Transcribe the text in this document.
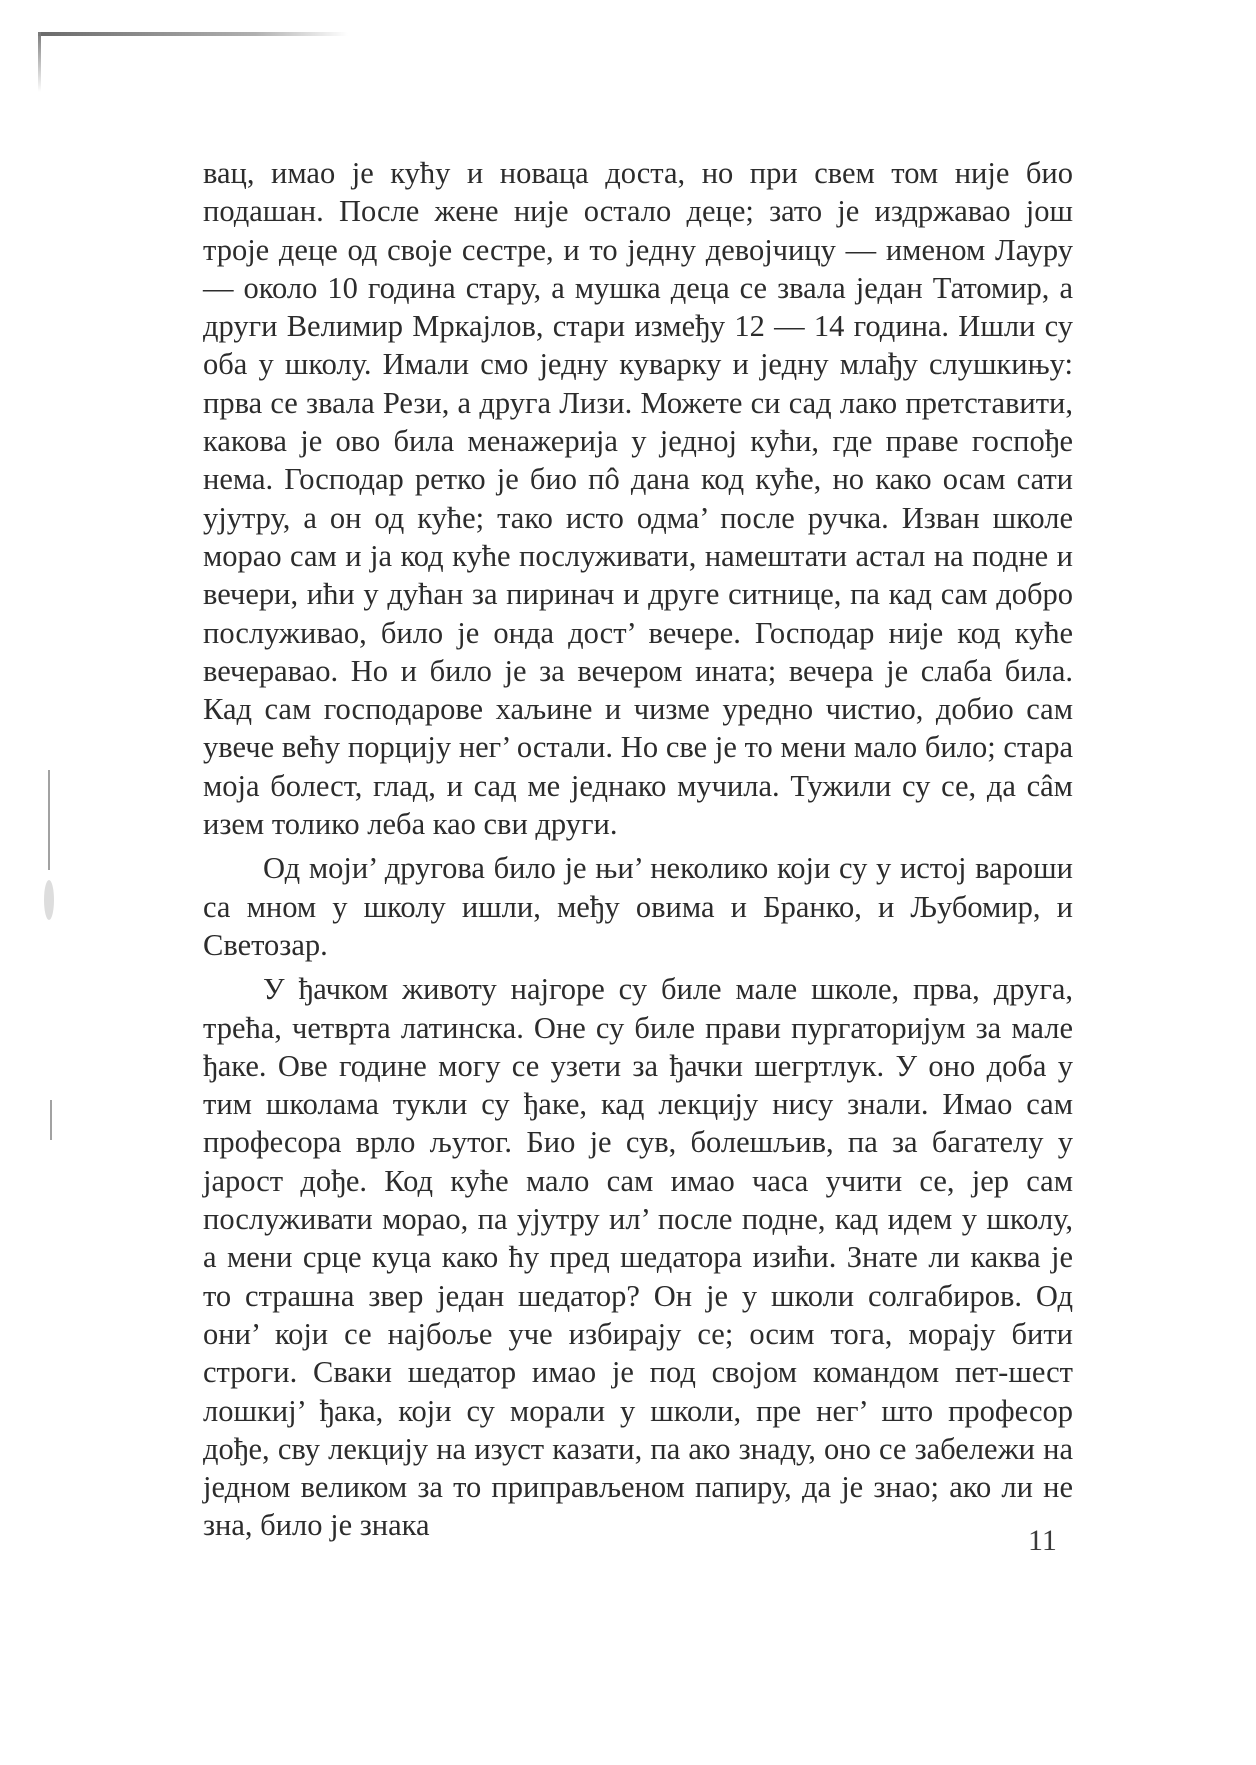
вац, имао је кућу и новаца доста, но при свем том није био подашан. После жене није остало деце; зато је издржавао још троје деце од своје сестре, и то једну девојчицу — именом Лауру — около 10 година стару, а мушка деца се звала један Татомир, а други Велимир Мркајлов, стари између 12 — 14 година. Ишли су оба у школу. Имали смо једну куварку и једну млађу слушкињу: прва се звала Рези, а друга Лизи. Можете си сад лако претставити, какова је ово била менажерија у једној кући, где праве госпође нема. Господар ретко је био пô дана код куће, но како осам сати ујутру, а он од куће; тако исто одма’ после ручка. Изван школе морао сам и ја код куће послуживати, намештати астал на подне и вечери, ићи у дућан за пиринач и друге ситнице, па кад сам добро послуживао, било је онда дост’ вечере. Господар није код куће вечеравао. Но и било је за вечером ината; вечера је слаба била. Кад сам господарове хаљине и чизме уредно чистио, добио сам увече већу порцију нег’ остали. Но све је то мени мало било; стара моја болест, глад, и сад ме једнако мучила. Тужили су се, да сâм изем толико леба као сви други.

Од моји’ другова било је њи’ неколико који су у истој вароши са мном у школу ишли, међу овима и Бранко, и Љубомир, и Светозар.

У ђачком животу најгоре су биле мале школе, прва, друга, трећа, четврта латинска. Оне су биле прави пургаторијум за мале ђаке. Ове године могу се узети за ђачки шегртлук. У оно доба у тим школама тукли су ђаке, кад лекцију нису знали. Имао сам професора врло љутог. Био је сув, болешљив, па за багателу у јарост дође. Код куће мало сам имао часа учити се, јер сам послуживати морао, па ујутру ил’ после подне, кад идем у школу, а мени срце куца како ћу пред шедатора изићи. Знате ли каква је то страшна звер један шедатор? Он је у школи солгабиров. Од они’ који се најбоље уче избирају се; осим тога, морају бити строги. Сваки шедатор имао је под својом командом пет-шест лошкиј’ ђака, који су морали у школи, пре нег’ што професор дође, сву лекцију на изуст казати, па ако знаду, оно се забележи на једном великом за то приправљеном папиру, да је знао; ако ли не зна, било је знака	11
